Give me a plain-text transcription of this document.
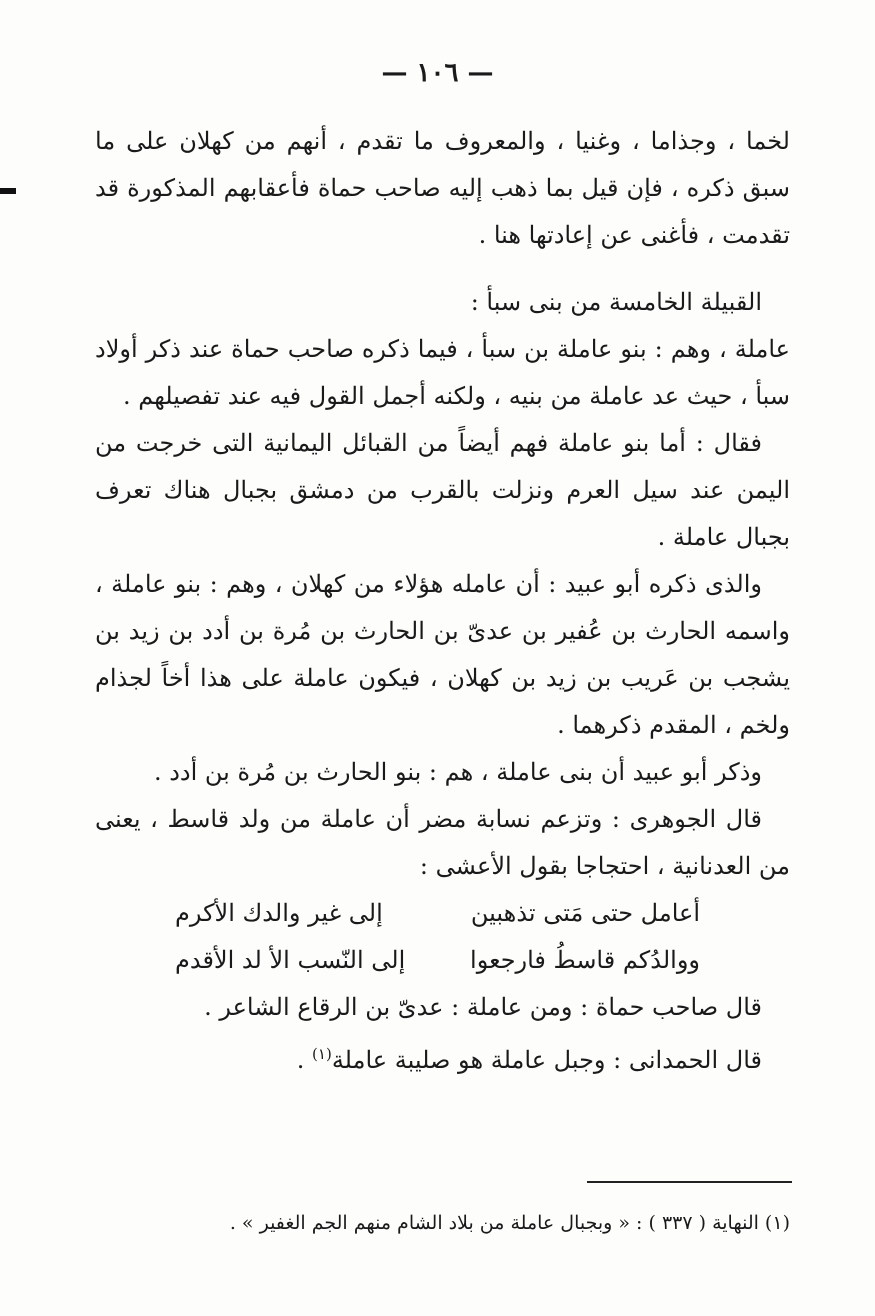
— ١٠٦ —

لخما ، وجذاما ، وغنيا ، والمعروف ما تقدم ، أنهم من كهلان على ما سبق ذكره ، فإن قيل بما ذهب إليه صاحب حماة فأعقابهم المذكورة قد تقدمت ، فأغنى عن إعادتها هنا .

القبيلة الخامسة من بنى سبأ :

عاملة ، وهم : بنو عاملة بن سبأ ، فيما ذكره صاحب حماة عند ذكر أولاد سبأ ، حيث عد عاملة من بنيه ، ولكنه أجمل القول فيه عند تفصيلهم .

فقال : أما بنو عاملة فهم أيضاً من القبائل اليمانية التى خرجت من اليمن عند سيل العرم ونزلت بالقرب من دمشق بجبال هناك تعرف بجبال عاملة .

والذى ذكره أبو عبيد : أن عامله هؤلاء من كهلان ، وهم : بنو عاملة ، واسمه الحارث بن عُفير بن عدىّ بن الحارث بن مُرة بن أدد بن زيد بن يشجب بن عَريب بن زيد بن كهلان ، فيكون عاملة على هذا أخاً لجذام ولخم ، المقدم ذكرهما .

وذكر أبو عبيد أن بنى عاملة ، هم : بنو الحارث بن مُرة بن أدد .

قال الجوهرى : وتزعم نسابة مضر أن عاملة من ولد قاسط ، يعنى من العدنانية ، احتجاجا بقول الأعشى :

أعامل حتى مَتى تذهبين
إلى غير والدك الأكرم
ووالدُكم قاسطُ فارجعوا
إلى النّسب الأ لد الأقدم

قال صاحب حماة : ومن عاملة : عدىّ بن الرقاع الشاعر .

قال الحمدانى : وجبل عاملة هو صليبة عاملة$^{(١)}$ .

(١) النهاية ( ٣٣٧ ) : « وبجبال عاملة من بلاد الشام منهم الجم الغفير » .
